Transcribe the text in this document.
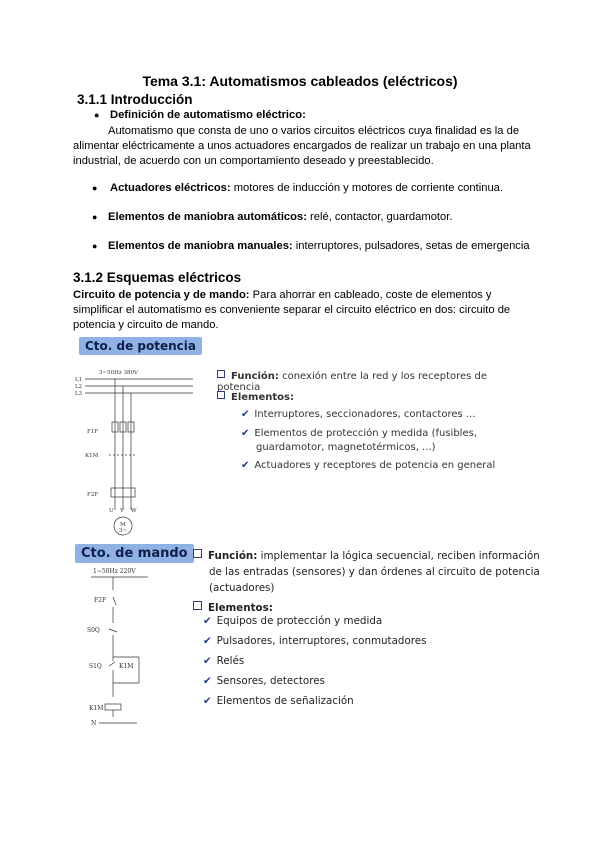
Tema 3.1: Automatismos cableados (eléctricos)
3.1.1 Introducción
● Definición de automatismo eléctrico:
Automatismo que consta de uno o varios circuitos eléctricos cuya finalidad es la de
alimentar eléctricamente a unos actuadores encargados de realizar un trabajo en una planta
industrial, de acuerdo con un comportamiento deseado y preestablecido.
● Actuadores eléctricos: motores de inducción y motores de corriente continua.
● Elementos de maniobra automáticos: relé, contactor, guardamotor.
● Elementos de maniobra manuales: interruptores, pulsadores, setas de emergencia
3.1.2 Esquemas eléctricos
Circuito de potencia y de mando: Para ahorrar en cableado, coste de elementos y
simplificar el automatismo es conveniente separar el circuito eléctrico en dos: circuito de
potencia y circuito de mando.
Cto. de potencia
3~50Hz 380V
L1
L2
L3
F1F
K1M
F2F
M
3~
U V W
Función: conexión entre la red y los receptores de potencia
Elementos:
✔ Interruptores, seccionadores, contactores ...
✔ Elementos de protección y medida (fusibles,
guardamotor, magnetotérmicos, ...)
✔ Actuadores y receptores de potencia en general
Cto. de mando
1~50Hz 220V
F2F
S0Q
S1Q	K1M
K1M
N
Función: implementar la lógica secuencial, reciben información
de las entradas (sensores) y dan órdenes al circuito de potencia
(actuadores)
Elementos:
✔ Equipos de protección y medida
✔ Pulsadores, interruptores, conmutadores
✔ Relés
✔ Sensores, detectores
✔ Elementos de señalización
